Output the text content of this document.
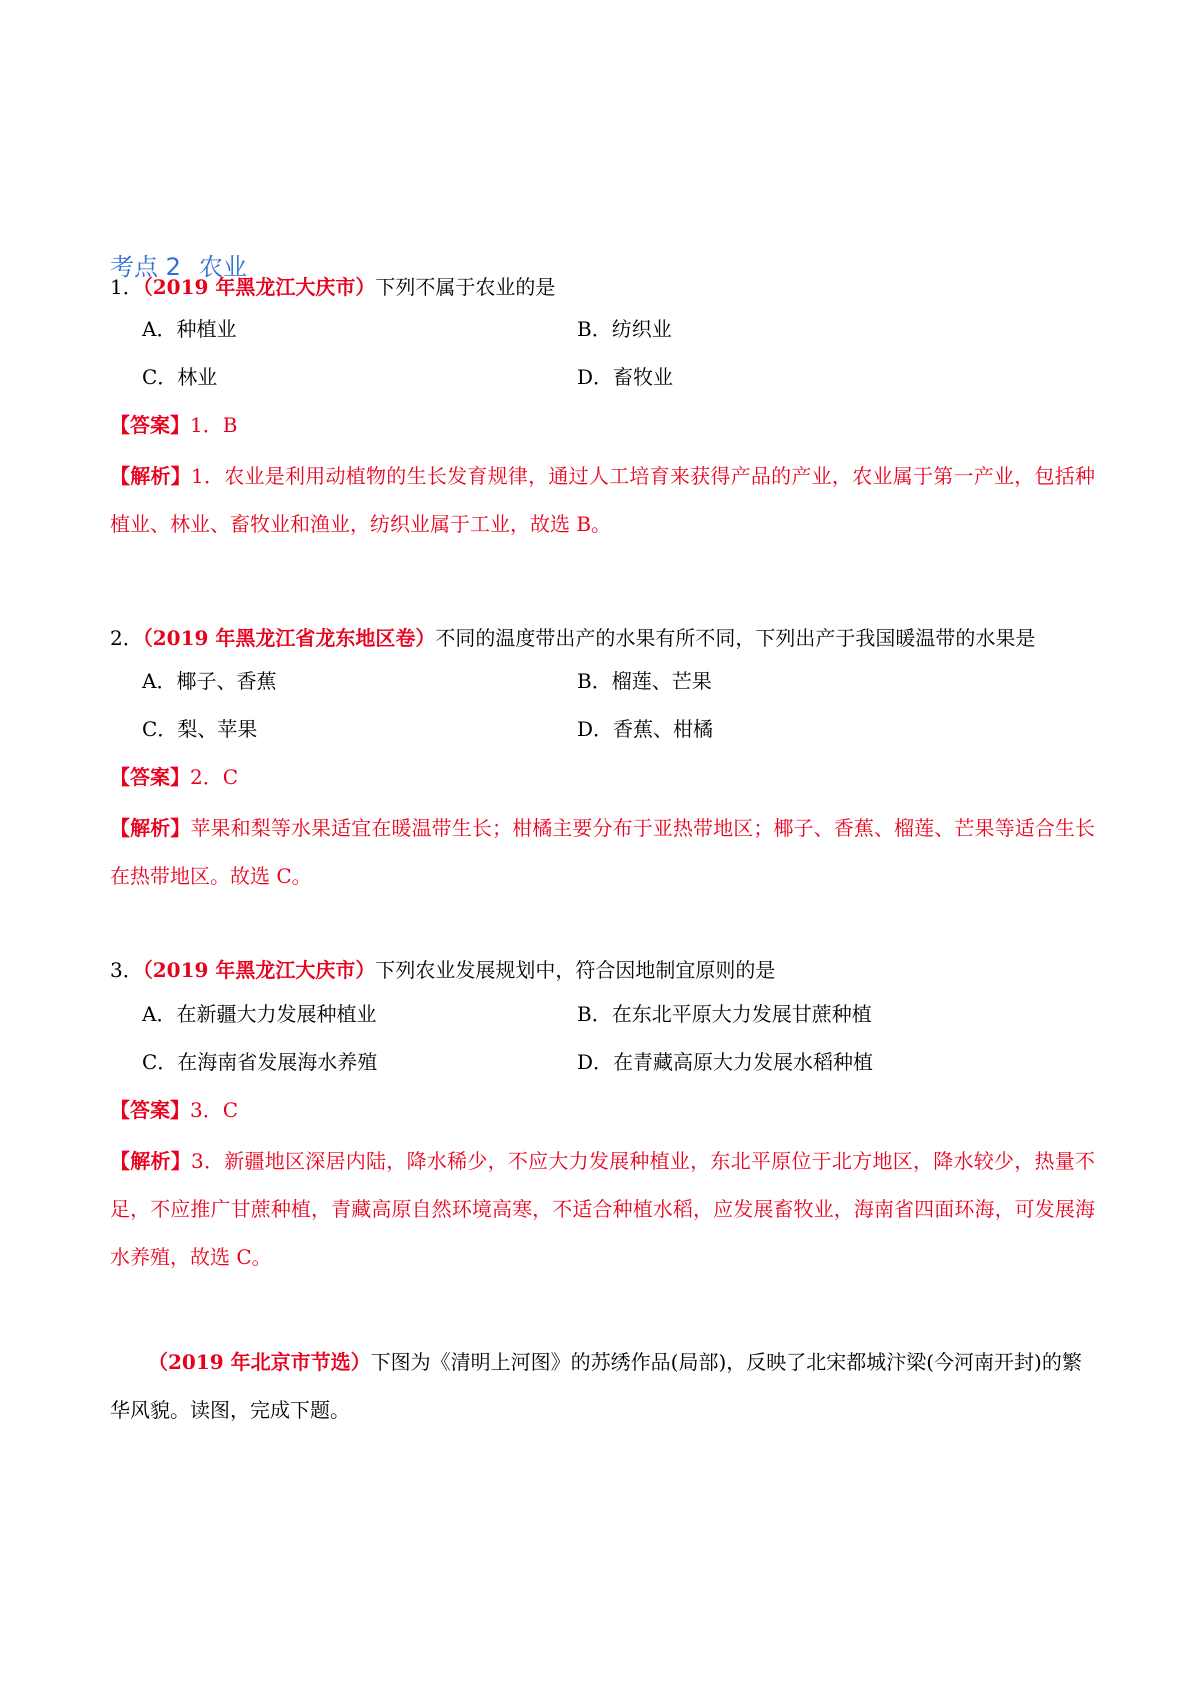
考点 2 农业
1．（2019 年黑龙江大庆市）下列不属于农业的是
A．种植业	B．纺织业
C．林业	D．畜牧业
【答案】1．B
【解析】1．农业是利用动植物的生长发育规律，通过人工培育来获得产品的产业，农业属于第一产业，包括种植业、林业、畜牧业和渔业，纺织业属于工业，故选 B。
2．（2019 年黑龙江省龙东地区卷）不同的温度带出产的水果有所不同，下列出产于我国暖温带的水果是
A．椰子、香蕉	B．榴莲、芒果
C．梨、苹果	D．香蕉、柑橘
【答案】2．C
【解析】苹果和梨等水果适宜在暖温带生长；柑橘主要分布于亚热带地区；椰子、香蕉、榴莲、芒果等适合生长在热带地区。故选 C。
3．（2019 年黑龙江大庆市）下列农业发展规划中，符合因地制宜原则的是
A．在新疆大力发展种植业	B．在东北平原大力发展甘蔗种植
C．在海南省发展海水养殖	D．在青藏高原大力发展水稻种植
【答案】3．C
【解析】3．新疆地区深居内陆，降水稀少，不应大力发展种植业，东北平原位于北方地区，降水较少，热量不足，不应推广甘蔗种植，青藏高原自然环境高寒，不适合种植水稻，应发展畜牧业，海南省四面环海，可发展海水养殖，故选 C。
（2019 年北京市节选）下图为《清明上河图》的苏绣作品(局部)，反映了北宋都城汴梁(今河南开封)的繁华风貌。读图，完成下题。
